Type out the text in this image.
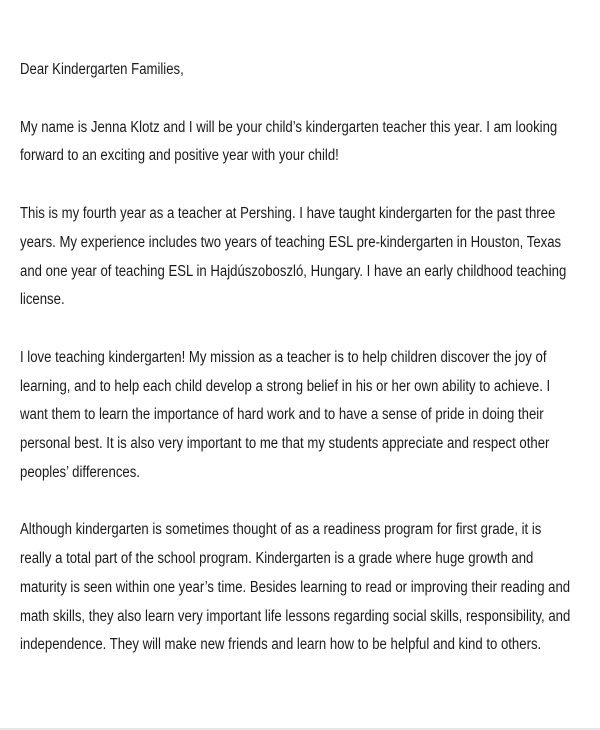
Dear Kindergarten Families,

My name is Jenna Klotz and I will be your child’s kindergarten teacher this year. I am looking forward to an exciting and positive year with your child!

This is my fourth year as a teacher at Pershing. I have taught kindergarten for the past three years. My experience includes two years of teaching ESL pre-kindergarten in Houston, Texas and one year of teaching ESL in Hajdúszoboszló, Hungary. I have an early childhood teaching license.

I love teaching kindergarten! My mission as a teacher is to help children discover the joy of learning, and to help each child develop a strong belief in his or her own ability to achieve. I want them to learn the importance of hard work and to have a sense of pride in doing their personal best. It is also very important to me that my students appreciate and respect other peoples’ differences.

Although kindergarten is sometimes thought of as a readiness program for first grade, it is really a total part of the school program. Kindergarten is a grade where huge growth and maturity is seen within one year’s time. Besides learning to read or improving their reading and math skills, they also learn very important life lessons regarding social skills, responsibility, and independence. They will make new friends and learn how to be helpful and kind to others.
